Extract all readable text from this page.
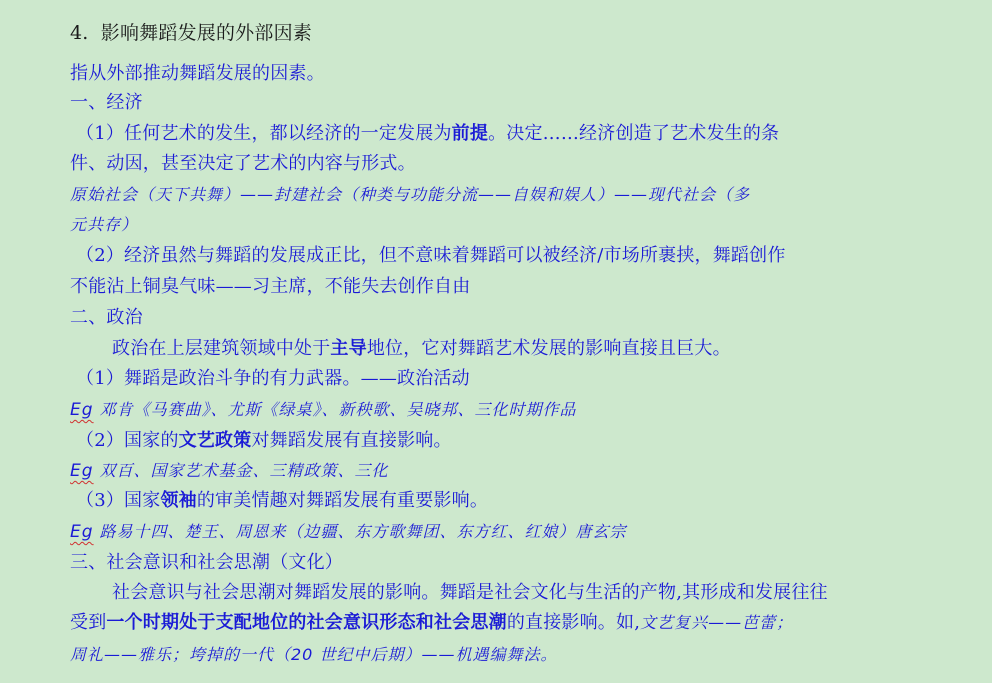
4. 影响舞蹈发展的外部因素
指从外部推动舞蹈发展的因素。
一、经济
（1）任何艺术的发生，都以经济的一定发展为前提。决定……经济创造了艺术发生的条
件、动因，甚至决定了艺术的内容与形式。
原始社会（天下共舞）——封建社会（种类与功能分流——自娱和娱人）——现代社会（多
元共存）
（2）经济虽然与舞蹈的发展成正比，但不意味着舞蹈可以被经济/市场所裹挟，舞蹈创作
不能沾上铜臭气味——习主席，不能失去创作自由
二、政治
政治在上层建筑领域中处于主导地位，它对舞蹈艺术发展的影响直接且巨大。
（1）舞蹈是政治斗争的有力武器。——政治活动
Eg 邓肯《马赛曲》、尤斯《绿桌》、新秧歌、吴晓邦、三化时期作品
（2）国家的文艺政策对舞蹈发展有直接影响。
Eg 双百、国家艺术基金、三精政策、三化
（3）国家领袖的审美情趣对舞蹈发展有重要影响。
Eg 路易十四、楚王、周恩来（边疆、东方歌舞团、东方红、红娘）唐玄宗
三、社会意识和社会思潮（文化）
社会意识与社会思潮对舞蹈发展的影响。舞蹈是社会文化与生活的产物,其形成和发展往往
受到一个时期处于支配地位的社会意识形态和社会思潮的直接影响。如,文艺复兴——芭蕾；
周礼——雅乐；垮掉的一代（20 世纪中后期）——机遇编舞法。
